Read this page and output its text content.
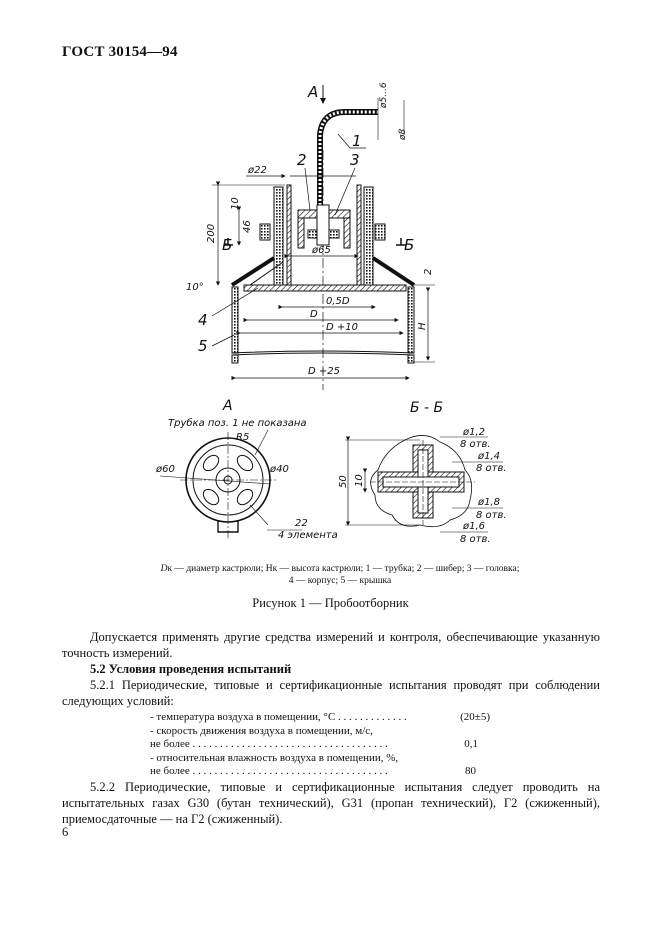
ГОСТ 30154—94
А
1
2	3
4
5
ø22
10
200	46
ø65
10°
0,5D
D
D +10
D +25
H
2
ø5...6
ø8
Б	Б
А
Трубка поз. 1 не показана
R5
ø60	ø40
22
4 элемента
Б - Б
50 10
ø1,2
8 отв.
ø1,4
8 отв.
ø1,8
8 отв.
ø1,6
8 отв.
Dк — диаметр кастрюли; Hк — высота кастрюли; 1 — трубка; 2 — шибер; 3 — головка;
4 — корпус; 5 — крышка
Рисунок 1 — Пробоотборник
Допускается применять другие средства измерений и контроля, обеспечивающие указанную точность измерений.
5.2 Условия проведения испытаний
5.2.1 Периодические, типовые и сертификационные испытания проводят при соблюдении следующих условий:
- температура воздуха в помещении, °С . . . . . . . . . . . . .	(20±5)
- скорость движения воздуха в помещении, м/с,
не более . . . . . . . . . . . . . . . . . . . . . . . . . . . . . . . . . . . .	0,1
- относительная влажность воздуха в помещении, %,
не более . . . . . . . . . . . . . . . . . . . . . . . . . . . . . . . . . . . .	80
5.2.2 Периодические, типовые и сертификационные испытания следует проводить на испытательных газах G30 (бутан технический), G31 (пропан технический), Г2 (сжиженный), приемосдаточные — на Г2 (сжиженный).
6
